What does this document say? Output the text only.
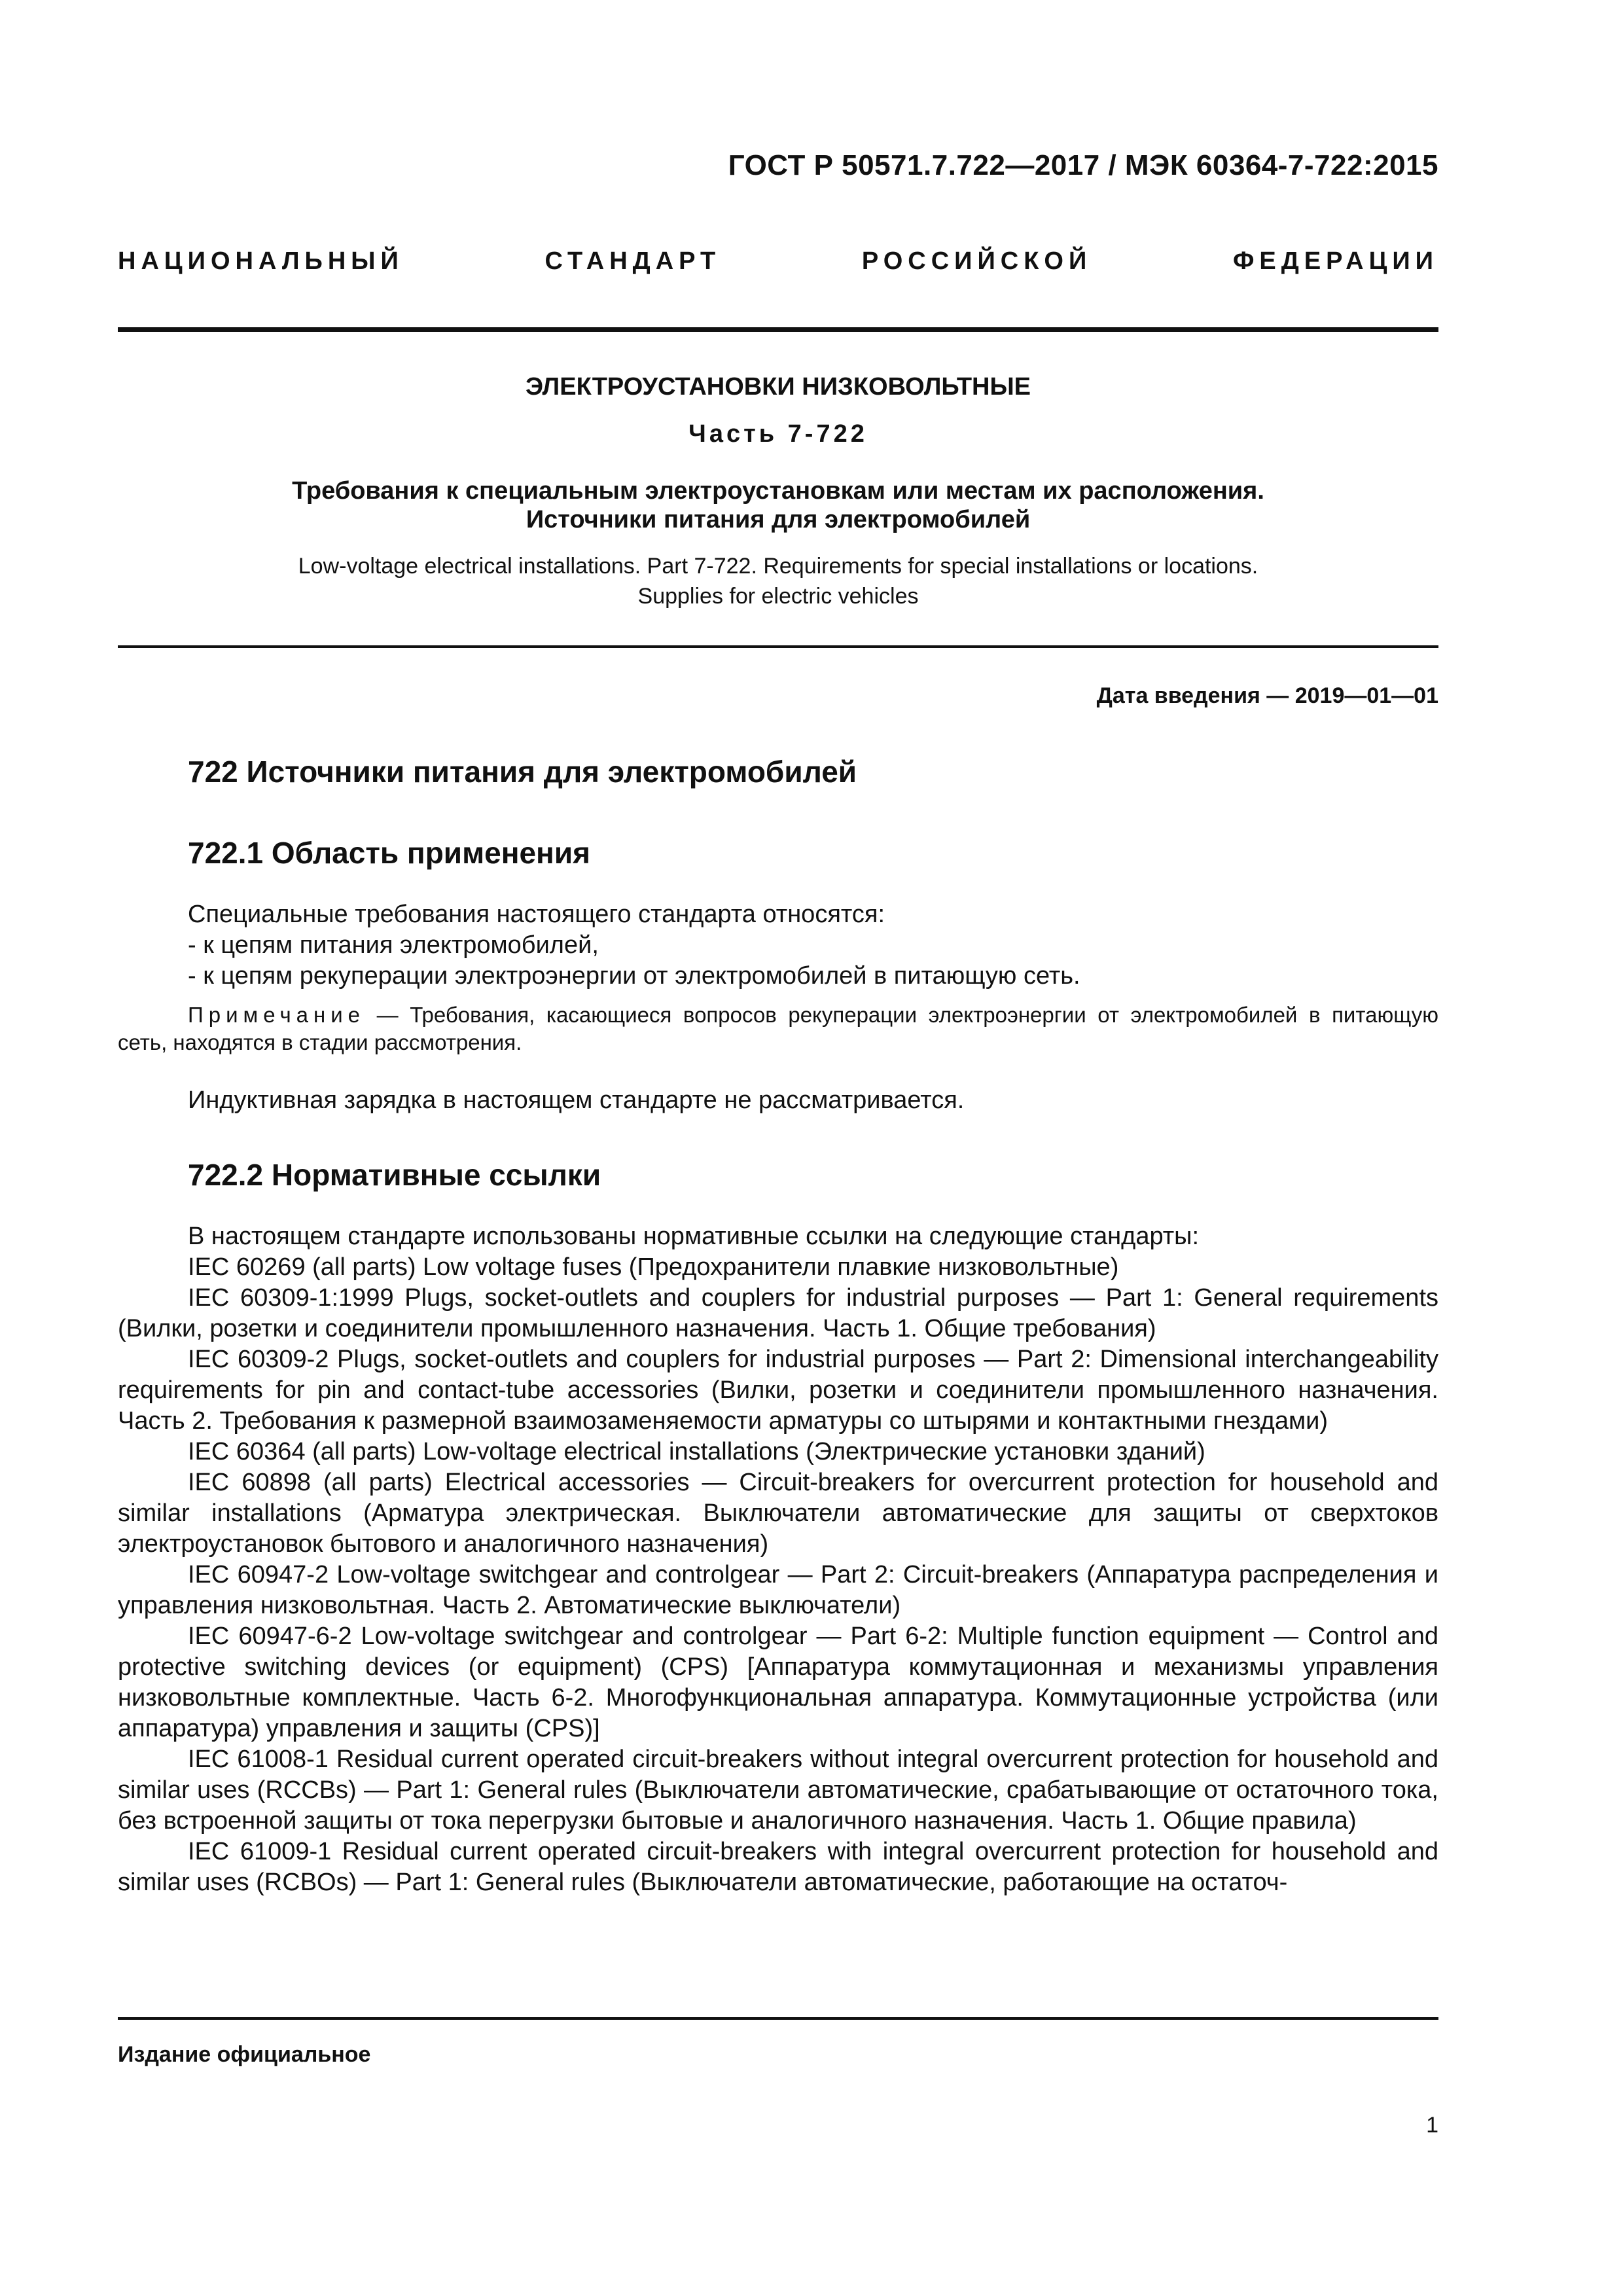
ГОСТ Р 50571.7.722—2017 / МЭК 60364-7-722:2015
НАЦИОНАЛЬНЫЙ СТАНДАРТ РОССИЙСКОЙ ФЕДЕРАЦИИ
ЭЛЕКТРОУСТАНОВКИ НИЗКОВОЛЬТНЫЕ
Часть 7-722
Требования к специальным электроустановкам или местам их расположения.
Источники питания для электромобилей
Low-voltage electrical installations. Part 7-722. Requirements for special installations or locations.
Supplies for electric vehicles
Дата введения — 2019—01—01
722 Источники питания для электромобилей
722.1 Область применения
Специальные требования настоящего стандарта относятся:
- к цепям питания электромобилей,
- к цепям рекуперации электроэнергии от электромобилей в питающую сеть.
Примечание — Требования, касающиеся вопросов рекуперации электроэнергии от электромобилей в питающую сеть, находятся в стадии рассмотрения.
Индуктивная зарядка в настоящем стандарте не рассматривается.
722.2 Нормативные ссылки
В настоящем стандарте использованы нормативные ссылки на следующие стандарты:
IEC 60269 (all parts) Low voltage fuses (Предохранители плавкие низковольтные)
IEC 60309-1:1999 Plugs, socket-outlets and couplers for industrial purposes — Part 1: General requirements (Вилки, розетки и соединители промышленного назначения. Часть 1. Общие требования)
IEC 60309-2 Plugs, socket-outlets and couplers for industrial purposes — Part 2: Dimensional interchangeability requirements for pin and contact-tube accessories (Вилки, розетки и соединители промышленного назначения. Часть 2. Требования к размерной взаимозаменяемости арматуры со штырями и контактными гнездами)
IEC 60364 (all parts) Low-voltage electrical installations (Электрические установки зданий)
IEC 60898 (all parts) Electrical accessories — Circuit-breakers for overcurrent protection for household and similar installations (Арматура электрическая. Выключатели автоматические для защиты от сверхтоков электроустановок бытового и аналогичного назначения)
IEC 60947-2 Low-voltage switchgear and controlgear — Part 2: Circuit-breakers (Аппаратура распределения и управления низковольтная. Часть 2. Автоматические выключатели)
IEC 60947-6-2 Low-voltage switchgear and controlgear — Part 6-2: Multiple function equipment — Control and protective switching devices (or equipment) (CPS) [Аппаратура коммутационная и механизмы управления низковольтные комплектные. Часть 6-2. Многофункциональная аппаратура. Коммутационные устройства (или аппаратура) управления и защиты (CPS)]
IEC 61008-1 Residual current operated circuit-breakers without integral overcurrent protection for household and similar uses (RCCBs) — Part 1: General rules (Выключатели автоматические, срабатывающие от остаточного тока, без встроенной защиты от тока перегрузки бытовые и аналогичного назначения. Часть 1. Общие правила)
IEC 61009-1 Residual current operated circuit-breakers with integral overcurrent protection for household and similar uses (RCBOs) — Part 1: General rules (Выключатели автоматические, работающие на остаточ-
Издание официальное
1
